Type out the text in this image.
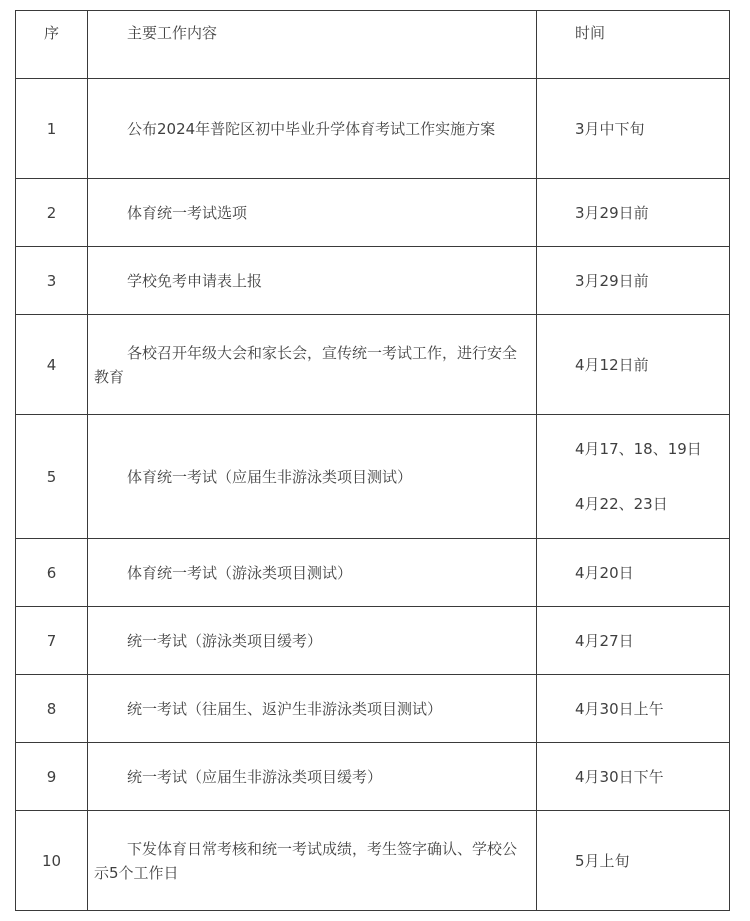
序	主要工作内容	时间
1	公布2024年普陀区初中毕业升学体育考试工作实施方案	3月中下旬

2	体育统一考试选项	3月29日前

3	学校免考申请表上报	3月29日前

4	各校召开年级大会和家长会，宣传统一考试工作，进行安全教育	4月12日前

5	体育统一考试（应届生非游泳类项目测试）	4月17、18、19日
4月22、23日

6	体育统一考试（游泳类项目测试）	4月20日

7	统一考试（游泳类项目缓考）	4月27日

8	统一考试（往届生、返沪生非游泳类项目测试）	4月30日上午

9	统一考试（应届生非游泳类项目缓考）	4月30日下午

10	下发体育日常考核和统一考试成绩，考生签字确认、学校公示5个工作日	5月上旬
